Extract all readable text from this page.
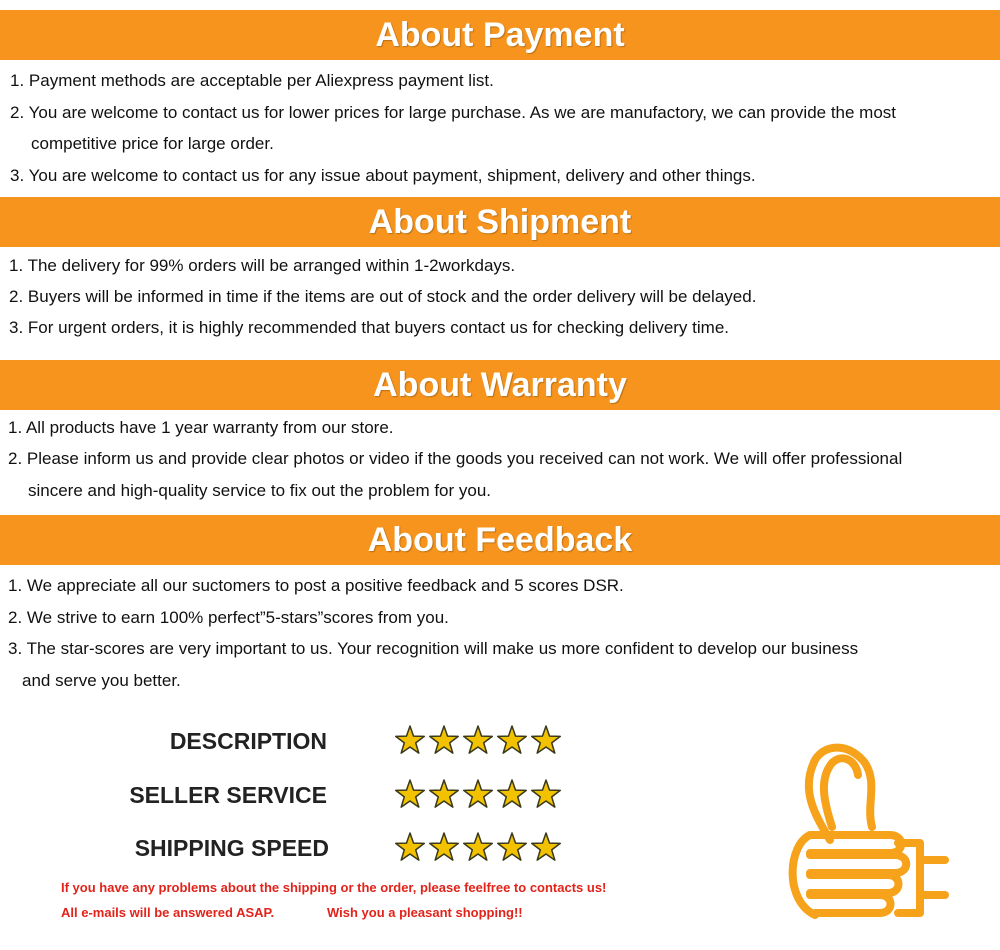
About Payment
1. Payment methods are acceptable per Aliexpress payment list.
2. You are welcome to contact us for lower prices for large purchase. As we are manufactory, we can provide the most
competitive price for large order.
3. You are welcome to contact us for any issue about payment, shipment, delivery and other things.
About Shipment
1. The delivery for 99% orders will be arranged within 1-2workdays.
2. Buyers will be informed in time if the items are out of stock and the order delivery will be delayed.
3. For urgent orders, it is highly recommended that buyers contact us for checking delivery time.
About Warranty
1. All products have 1 year warranty from our store.
2. Please inform us and provide clear photos or video if the goods you received can not work. We will offer professional
sincere and high-quality service to fix out the problem for you.
About Feedback
1. We appreciate all our suctomers to post a positive feedback and 5 scores DSR.
2. We strive to earn 100% perfect”5-stars”scores from you.
3. The star-scores are very important to us. Your recognition will make us more confident to develop our business
and serve you better.
DESCRIPTION
SELLER SERVICE
SHIPPING SPEED
If you have any problems about the shipping or the order, please feelfree to contacts us!
All e-mails will be answered ASAP.	Wish you a pleasant shopping!!
